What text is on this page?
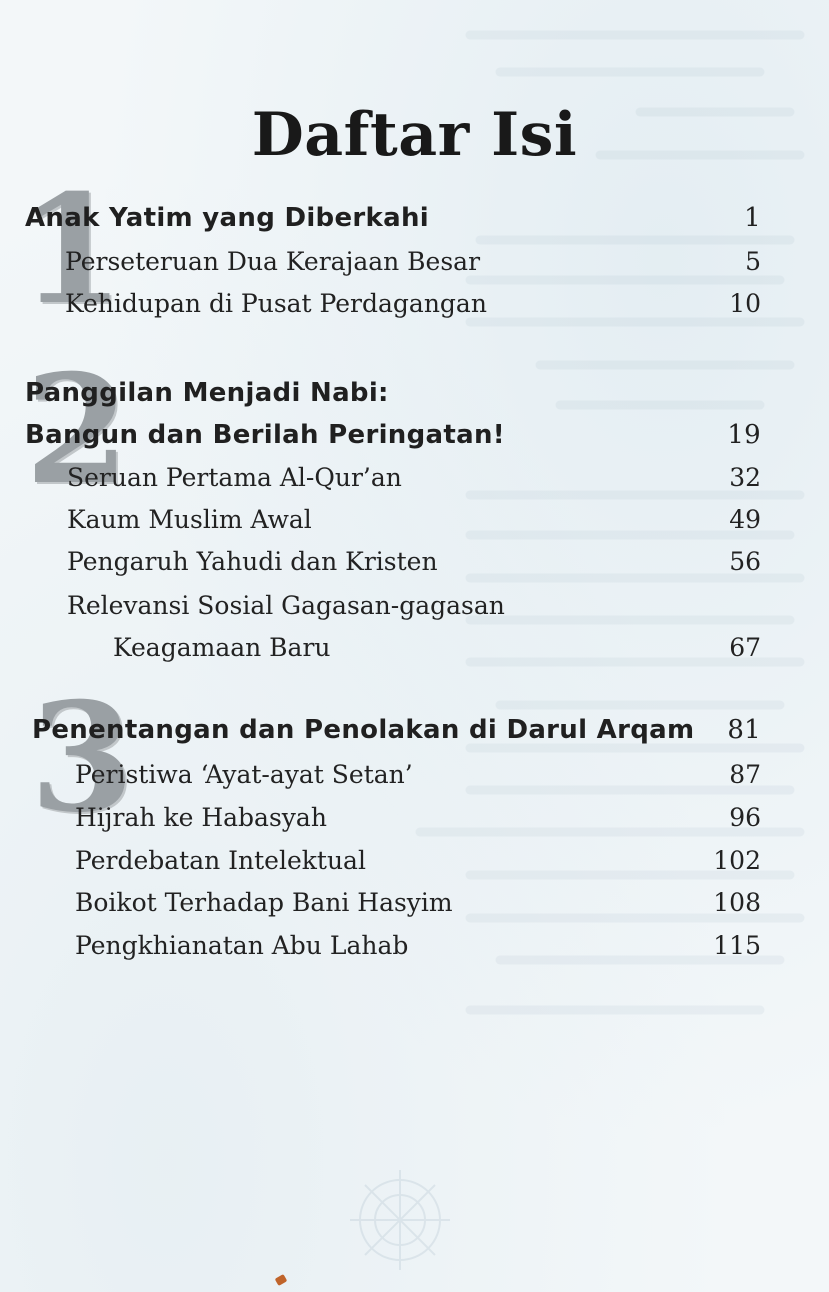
Daftar Isi
1
Anak Yatim yang Diberkahi	1
Perseteruan Dua Kerajaan Besar	5
Kehidupan di Pusat Perdagangan	10
2
Panggilan Menjadi Nabi:
Bangun dan Berilah Peringatan!	19
Seruan Pertama Al-Qur’an	32
Kaum Muslim Awal	49
Pengaruh Yahudi dan Kristen	56
Relevansi Sosial Gagasan-gagasan
Keagamaan Baru	67
3
Penentangan dan Penolakan di Darul Arqam 81
Peristiwa ‘Ayat-ayat Setan’	87
Hijrah ke Habasyah	96
Perdebatan Intelektual	102
Boikot Terhadap Bani Hasyim	108
Pengkhianatan Abu Lahab	115
